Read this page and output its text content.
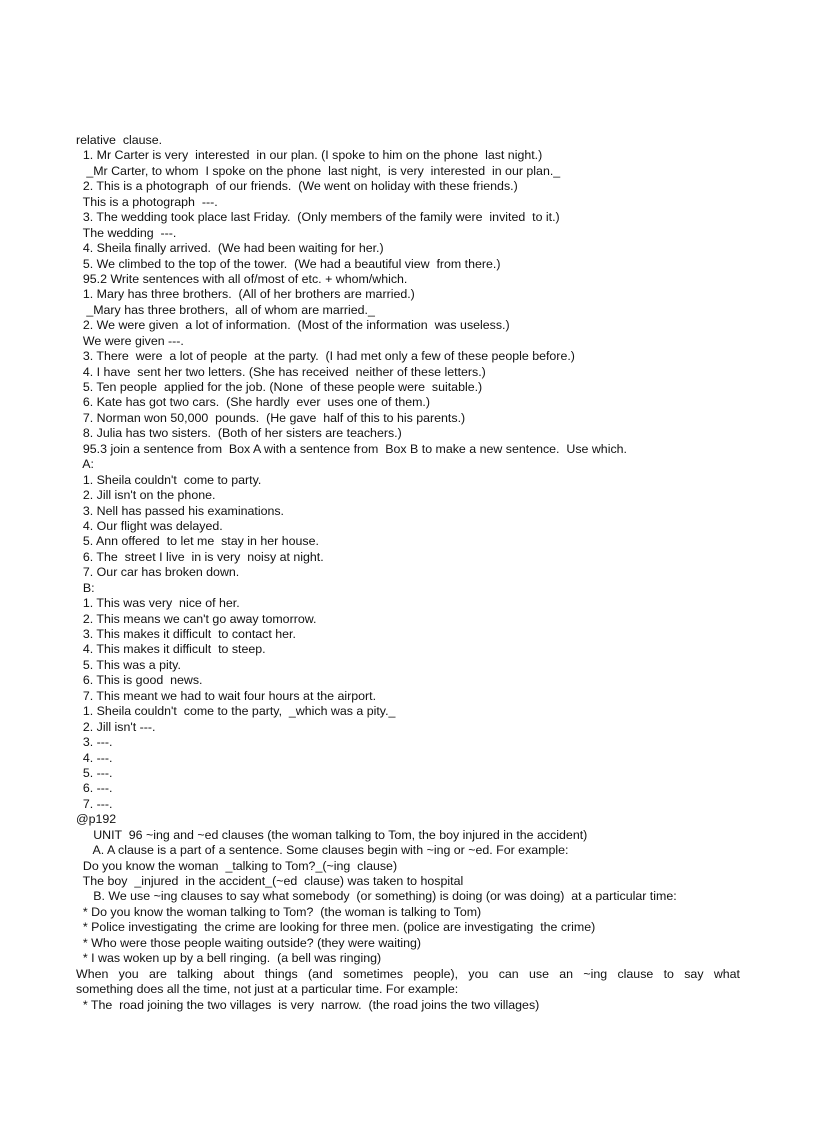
relative  clause.
1. Mr Carter is very  interested  in our plan. (I spoke to him on the phone  last night.)
_Mr Carter, to whom  I spoke on the phone  last night,  is very  interested  in our plan._
2. This is a photograph  of our friends.  (We went on holiday with these friends.)
This is a photograph  ---.
3. The wedding took place last Friday.  (Only members of the family were  invited  to it.)
The wedding  ---.
4. Sheila finally arrived.  (We had been waiting for her.)
5. We climbed to the top of the tower.  (We had a beautiful view  from there.)
95.2 Write sentences with all of/most of etc. + whom/which.
1. Mary has three brothers.  (All of her brothers are married.)
_Mary has three brothers,  all of whom are married._
2. We were given  a lot of information.  (Most of the information  was useless.)
We were given ---.
3. There  were  a lot of people  at the party.  (I had met only a few of these people before.)
4. I have  sent her two letters. (She has received  neither of these letters.)
5. Ten people  applied for the job. (None  of these people were  suitable.)
6. Kate has got two cars.  (She hardly  ever  uses one of them.)
7. Norman won 50,000  pounds.  (He gave  half of this to his parents.)
8. Julia has two sisters.  (Both of her sisters are teachers.)
95.3 join a sentence from  Box A with a sentence from  Box B to make a new sentence.  Use which.
A:
1. Sheila couldn't  come to party.
2. Jill isn't on the phone.
3. Nell has passed his examinations.
4. Our flight was delayed.
5. Ann offered  to let me  stay in her house.
6. The  street I live  in is very  noisy at night.
7. Our car has broken down.
B:
1. This was very  nice of her.
2. This means we can't go away tomorrow.
3. This makes it difficult  to contact her.
4. This makes it difficult  to steep.
5. This was a pity.
6. This is good  news.
7. This meant we had to wait four hours at the airport.
1. Sheila couldn't  come to the party,  _which was a pity._
2. Jill isn't ---.
3. ---.
4. ---.
5. ---.
6. ---.
7. ---.
@p192
UNIT  96 ~ing and ~ed clauses (the woman talking to Tom, the boy injured in the accident)
A. A clause is a part of a sentence. Some clauses begin with ~ing or ~ed. For example:
Do you know the woman  _talking to Tom?_(~ing  clause)
The boy  _injured  in the accident_(~ed  clause) was taken to hospital
B. We use ~ing clauses to say what somebody  (or something) is doing (or was doing)  at a particular time:
* Do you know the woman talking to Tom?  (the woman is talking to Tom)
* Police investigating  the crime are looking for three men. (police are investigating  the crime)
* Who were those people waiting outside? (they were waiting)
* I was woken up by a bell ringing.  (a bell was ringing)
When you are talking about things (and sometimes people), you can use an ~ing clause to say what
something does all the time, not just at a particular time. For example:
* The  road joining the two villages  is very  narrow.  (the road joins the two villages)
